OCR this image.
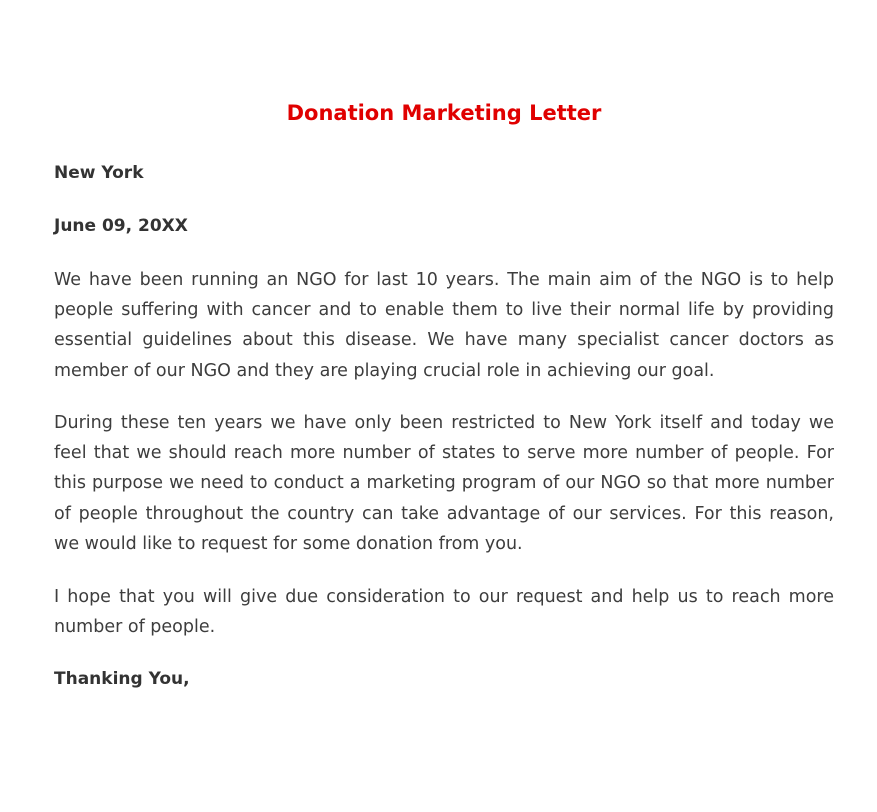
Donation Marketing Letter

New York

June 09, 20XX

We have been running an NGO for last 10 years. The main aim of the NGO is to help people suffering with cancer and to enable them to live their normal life by providing essential guidelines about this disease. We have many specialist cancer doctors as member of our NGO and they are playing crucial role in achieving our goal.

During these ten years we have only been restricted to New York itself and today we feel that we should reach more number of states to serve more number of people. For this purpose we need to conduct a marketing program of our NGO so that more number of people throughout the country can take advantage of our services. For this reason, we would like to request for some donation from you.

I hope that you will give due consideration to our request and help us to reach more number of people.

Thanking You,
